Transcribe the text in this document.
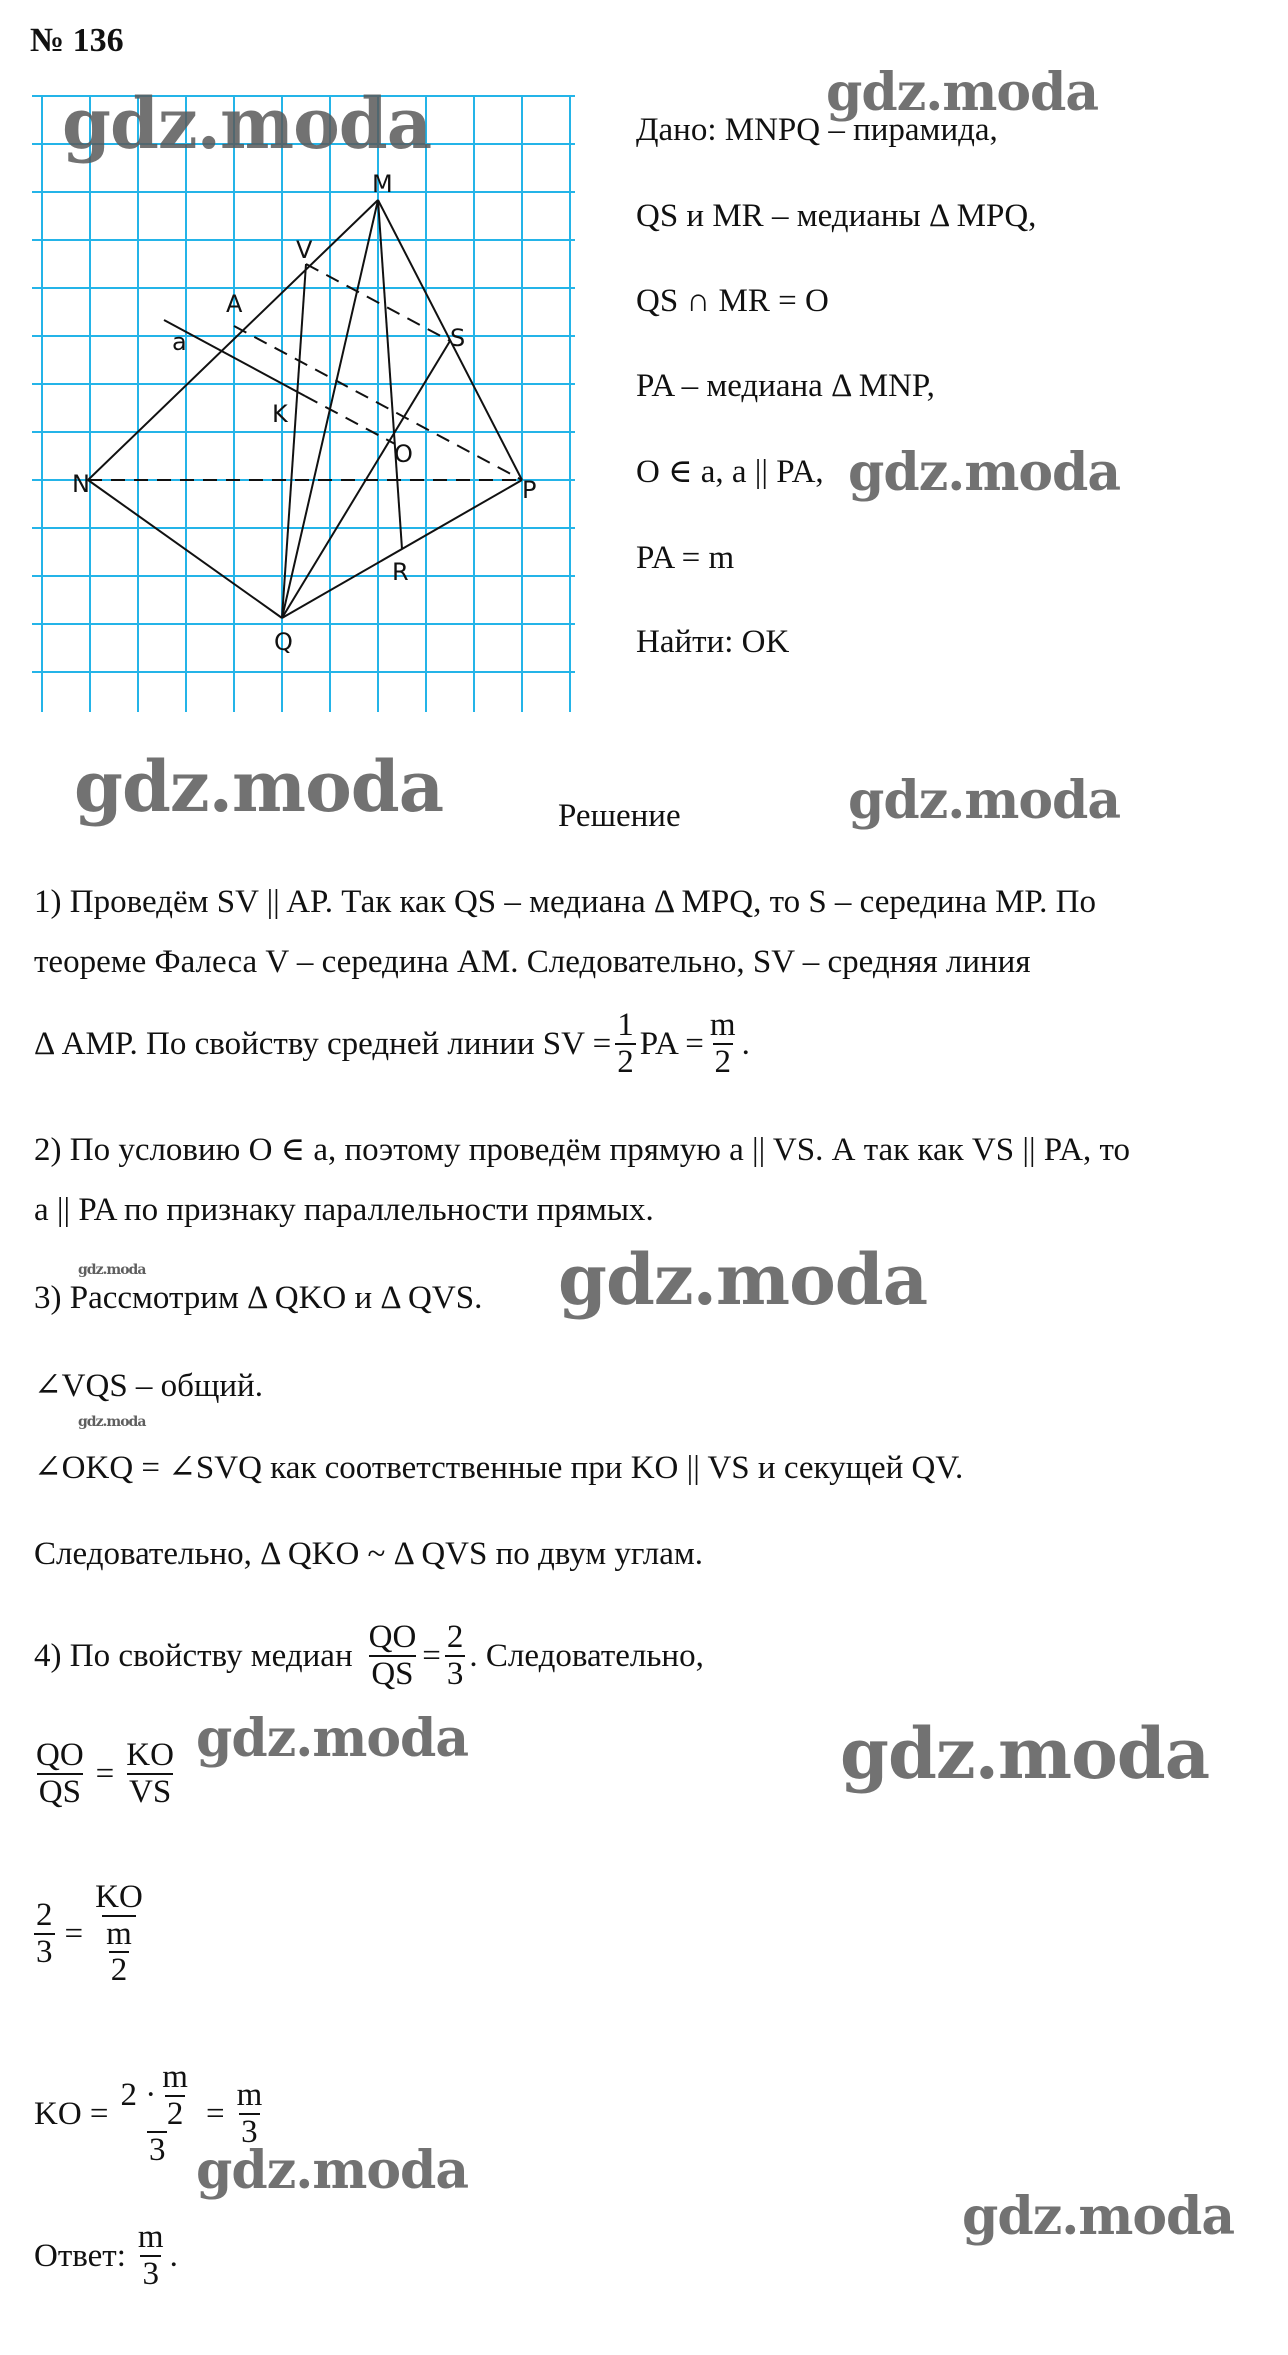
№ 136
M
V
A
a	S
K
O
N	P
R
Q
gdz.moda	gdz.moda
gdz.moda
gdz.moda	gdz.moda
gdz.moda	gdz.moda
gdz.moda
gdz.moda	gdz.moda
gdz.moda
gdz.moda
Дано: MNPQ – пирамида,
QS и MR – медианы Δ MPQ,
QS ∩ MR = O
PA – медиана Δ MNP,
O ∈ a, a || PA,
PA = m
Найти: OK
Решение
1) Проведём SV || AP. Так как QS – медиана Δ MPQ, то S – середина MP. По
теореме Фалеса V – середина AM. Следовательно, SV – средняя линия
Δ AMP. По свойству средней линии SV = $\frac{1}{2}$ PA = $\frac{m}{2}$ .
2) По условию O ∈ a, поэтому проведём прямую a || VS. А так как VS || PA, то
a || PA по признаку параллельности прямых.
3) Рассмотрим Δ QKO и Δ QVS.
∠VQS – общий.
∠OKQ = ∠SVQ как соответственные при KO || VS и секущей QV.
Следовательно, Δ QKO ~ Δ QVS по двум углам.
4) По свойству медиан $\frac{QO}{QS} = \frac{2}{3}$ . Следовательно,
$\frac{QO}{QS} = \frac{KO}{VS}$
$\frac{2}{3} = \frac{KO}{\frac{m}{2}}$
KO = $\frac{2 \cdot \frac{m}{2}}{3} = \frac{m}{3}$
Ответ: $\frac{m}{3}$ .
